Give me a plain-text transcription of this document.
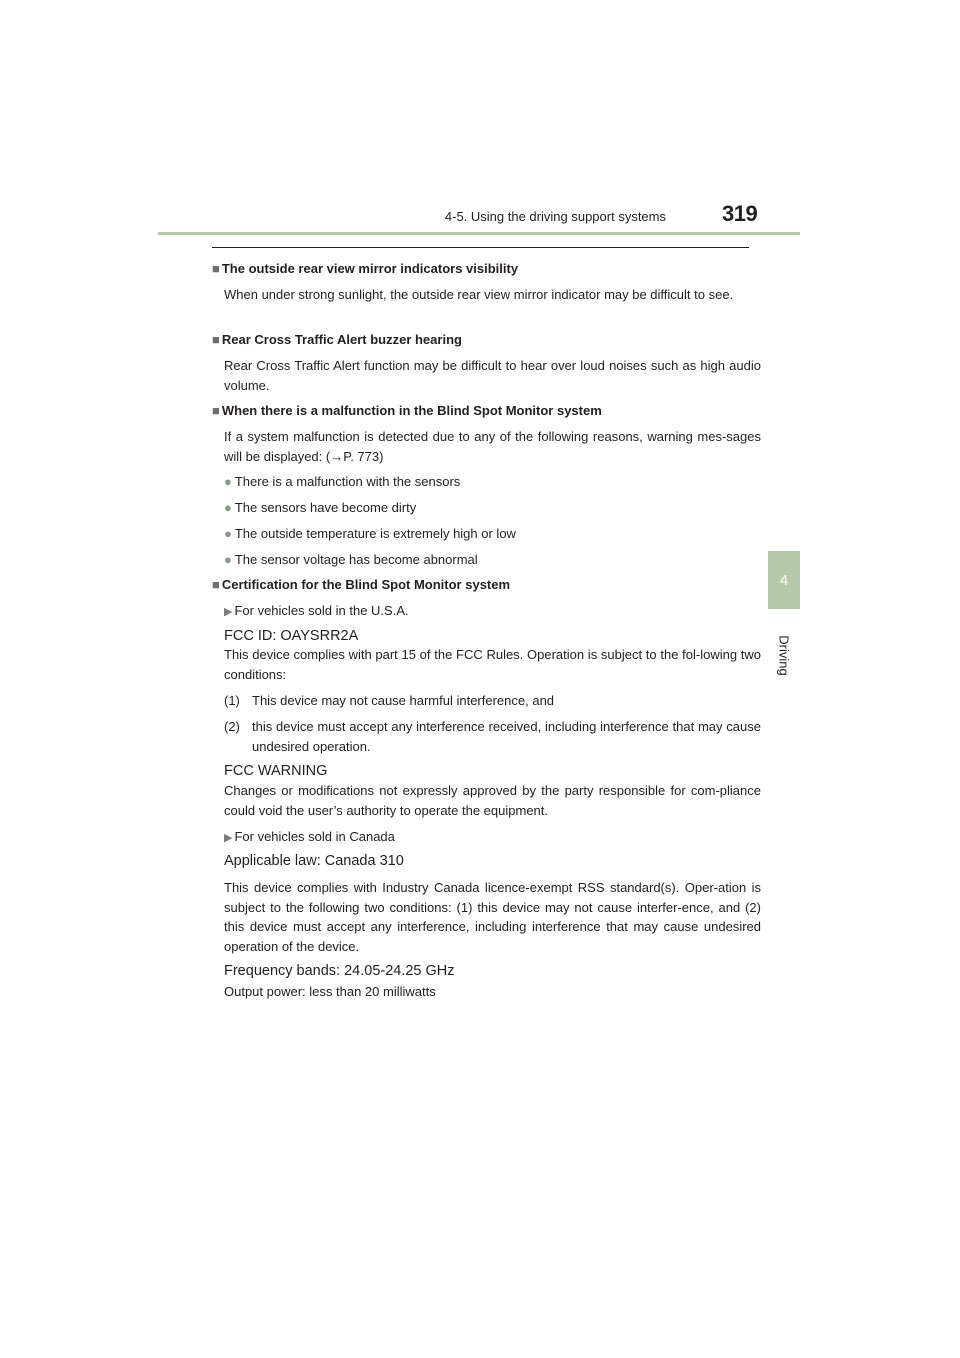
4-5. Using the driving support systems	319
4
Driving
■ The outside rear view mirror indicators visibility
When under strong sunlight, the outside rear view mirror indicator may be difficult to see.
■ Rear Cross Traffic Alert buzzer hearing
Rear Cross Traffic Alert function may be difficult to hear over loud noises such as high audio volume.
■ When there is a malfunction in the Blind Spot Monitor system
If a system malfunction is detected due to any of the following reasons, warning mes-sages will be displayed: (→P. 773)
● There is a malfunction with the sensors
● The sensors have become dirty
● The outside temperature is extremely high or low
● The sensor voltage has become abnormal
■ Certification for the Blind Spot Monitor system
▶ For vehicles sold in the U.S.A.
FCC ID: OAYSRR2A
This device complies with part 15 of the FCC Rules. Operation is subject to the fol-lowing two conditions:
(1) This device may not cause harmful interference, and
(2) this device must accept any interference received, including interference that may cause undesired operation.
FCC WARNING
Changes or modifications not expressly approved by the party responsible for com-pliance could void the user’s authority to operate the equipment.
▶ For vehicles sold in Canada
Applicable law: Canada 310
This device complies with Industry Canada licence-exempt RSS standard(s). Oper-ation is subject to the following two conditions: (1) this device may not cause interfer-ence, and (2) this device must accept any interference, including interference that may cause undesired operation of the device.
Frequency bands: 24.05-24.25 GHz
Output power: less than 20 milliwatts
